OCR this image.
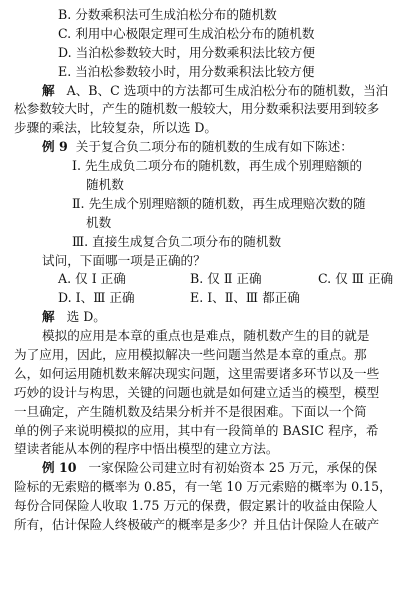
B. 分数乘积法可生成泊松分布的随机数
C. 利用中心极限定理可生成泊松分布的随机数
D. 当泊松参数较大时，用分数乘积法比较方便
E. 当泊松参数较小时，用分数乘积法比较方便
解 A、B、C 选项中的方法都可生成泊松分布的随机数，当泊
松参数较大时，产生的随机数一般较大，用分数乘积法要用到较多
步骤的乘法，比较复杂，所以选 D。
例 9 关于复合负二项分布的随机数的生成有如下陈述：
Ⅰ. 先生成负二项分布的随机数，再生成个别理赔额的
随机数
Ⅱ. 先生成个别理赔额的随机数，再生成理赔次数的随
机数
Ⅲ. 直接生成复合负二项分布的随机数
试问，下面哪一项是正确的？
A. 仅 Ⅰ 正确	B. 仅 Ⅱ 正确	C. 仅 Ⅲ 正确
D. Ⅰ、Ⅲ 正确	E. Ⅰ、Ⅱ、Ⅲ 都正确
解 选 D。
模拟的应用是本章的重点也是难点，随机数产生的目的就是
为了应用，因此，应用模拟解决一些问题当然是本章的重点。那
么，如何运用随机数来解决现实问题，这里需要诸多环节以及一些
巧妙的设计与构思，关键的问题也就是如何建立适当的模型，模型
一旦确定，产生随机数及结果分析并不是很困难。下面以一个简
单的例子来说明模拟的应用，其中有一段简单的 BASIC 程序，希
望读者能从本例的程序中悟出模型的建立方法。
例 10 一家保险公司建立时有初始资本 25 万元，承保的保
险标的无索赔的概率为 0.85，有一笔 10 万元索赔的概率为 0.15，
每份合同保险人收取 1.75 万元的保费，假定累计的收益由保险人
所有，估计保险人终极破产的概率是多少？并且估计保险人在破产
